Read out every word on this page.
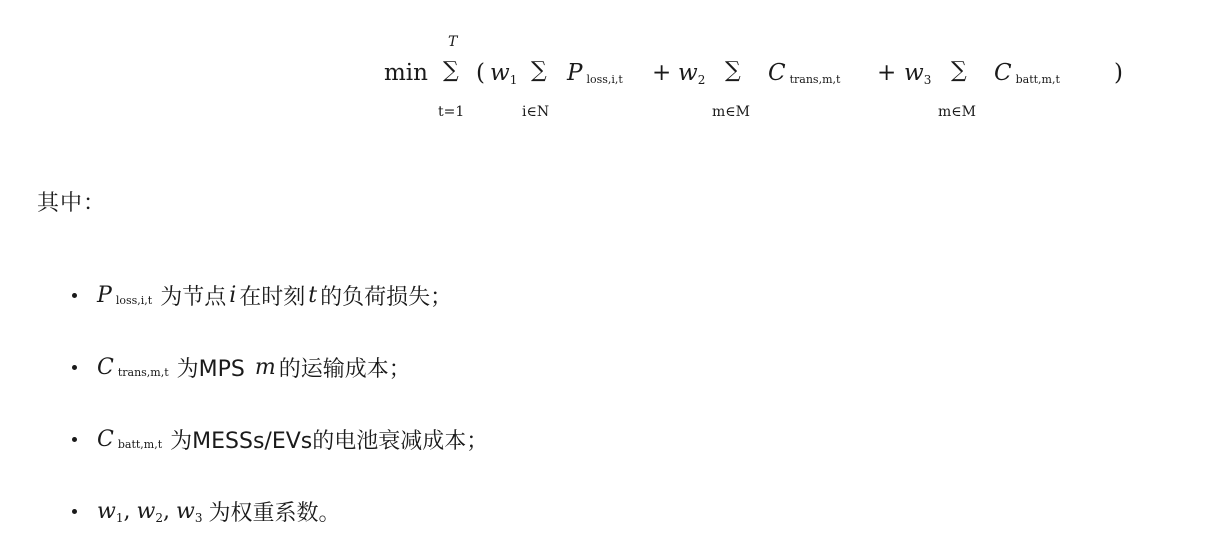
min
T
∑
t=1
( w1 ∑
i∈N
Ploss,i,t + w2 ∑
m∈M
Ctrans,m,t + w3 ∑
m∈M
Cbatt,m,t )
其中：
P loss,i,t 为节点 i 在时刻 t 的负荷损失；
C trans,m,t 为MPS m 的运输成本；
C batt,m,t 为MESSs/EVs的电池衰减成本；
w1 , w2 , w3 为权重系数。
